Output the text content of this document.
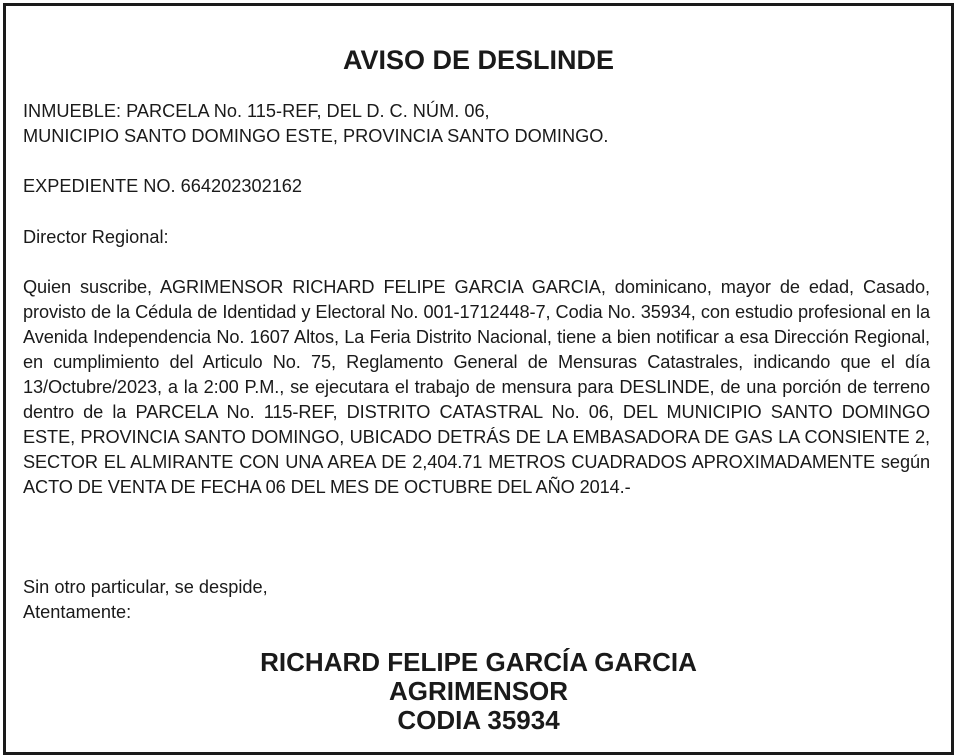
AVISO DE DESLINDE

INMUEBLE: PARCELA No. 115-REF, DEL D. C. NÚM. 06,
MUNICIPIO SANTO DOMINGO ESTE, PROVINCIA SANTO DOMINGO.

EXPEDIENTE NO. 664202302162

Director Regional:

Quien suscribe, AGRIMENSOR RICHARD FELIPE GARCIA GARCIA, dominicano, mayor de edad, Casado, provisto de la Cédula de Identidad y Electoral No. 001-1712448-7, Codia No. 35934, con estudio profesional en la Avenida Independencia No. 1607 Altos, La Feria Distrito Nacional, tiene a bien notificar a esa Dirección Regional, en cumplimiento del Articulo No. 75, Reglamento General de Mensuras Catastrales, indicando que el día 13/Octubre/2023, a la 2:00 P.M., se ejecutara el trabajo de mensura para DESLINDE, de una porción de terreno dentro de la PARCELA No. 115-REF, DISTRITO CATASTRAL No. 06, DEL MUNICIPIO SANTO DOMINGO ESTE, PROVINCIA SANTO DOMINGO, UBICADO DETRÁS DE LA EMBASADORA DE GAS LA CONSIENTE 2, SECTOR EL ALMIRANTE CON UNA AREA DE 2,404.71 METROS CUADRADOS APROXIMADAMENTE según ACTO DE VENTA DE FECHA 06 DEL MES DE OCTUBRE DEL AÑO 2014.-

Sin otro particular, se despide,
Atentamente:

RICHARD FELIPE GARCÍA GARCIA

AGRIMENSOR

CODIA 35934
